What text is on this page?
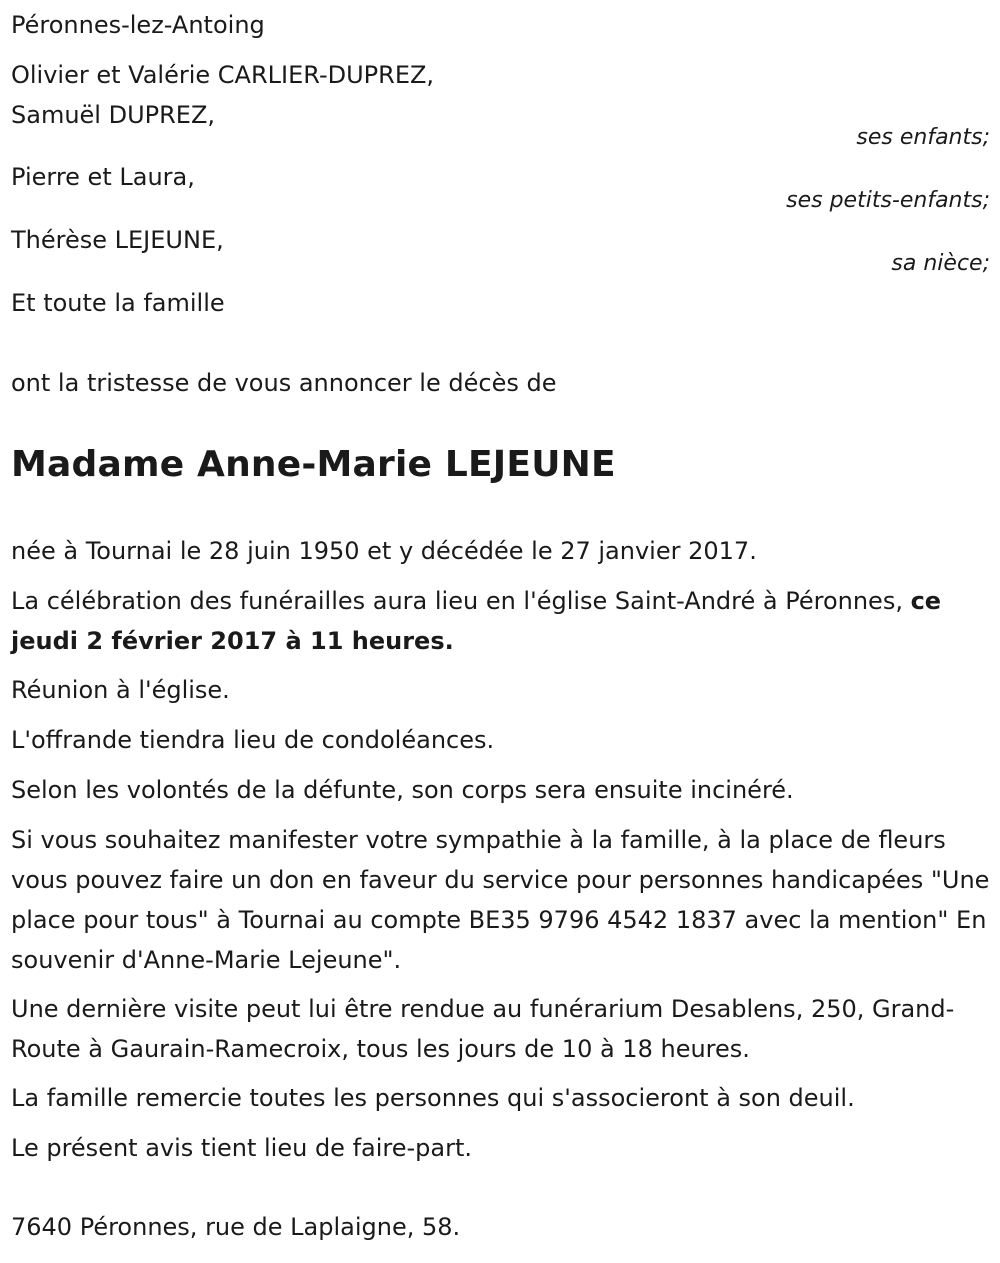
Péronnes-lez-Antoing

Olivier et Valérie CARLIER-DUPREZ,

Samuël DUPREZ,

ses enfants;

Pierre et Laura,

ses petits-enfants;

Thérèse LEJEUNE,

sa nièce;

Et toute la famille

ont la tristesse de vous annoncer le décès de

Madame Anne-Marie LEJEUNE

née à Tournai le 28 juin 1950 et y décédée le 27 janvier 2017.

La célébration des funérailles aura lieu en l'église Saint-André à Péronnes, ce jeudi 2 février 2017 à 11 heures.

Réunion à l'église.

L'offrande tiendra lieu de condoléances.

Selon les volontés de la défunte, son corps sera ensuite incinéré.

Si vous souhaitez manifester votre sympathie à la famille, à la place de fleurs vous pouvez faire un don en faveur du service pour personnes handicapées "Une place pour tous" à Tournai au compte BE35 9796 4542 1837 avec la mention" En souvenir d'Anne-Marie Lejeune".

Une dernière visite peut lui être rendue au funérarium Desablens, 250, Grand-Route à Gaurain-Ramecroix, tous les jours de 10 à 18 heures.

La famille remercie toutes les personnes qui s'associeront à son deuil.

Le présent avis tient lieu de faire-part.

7640 Péronnes, rue de Laplaigne, 58.
